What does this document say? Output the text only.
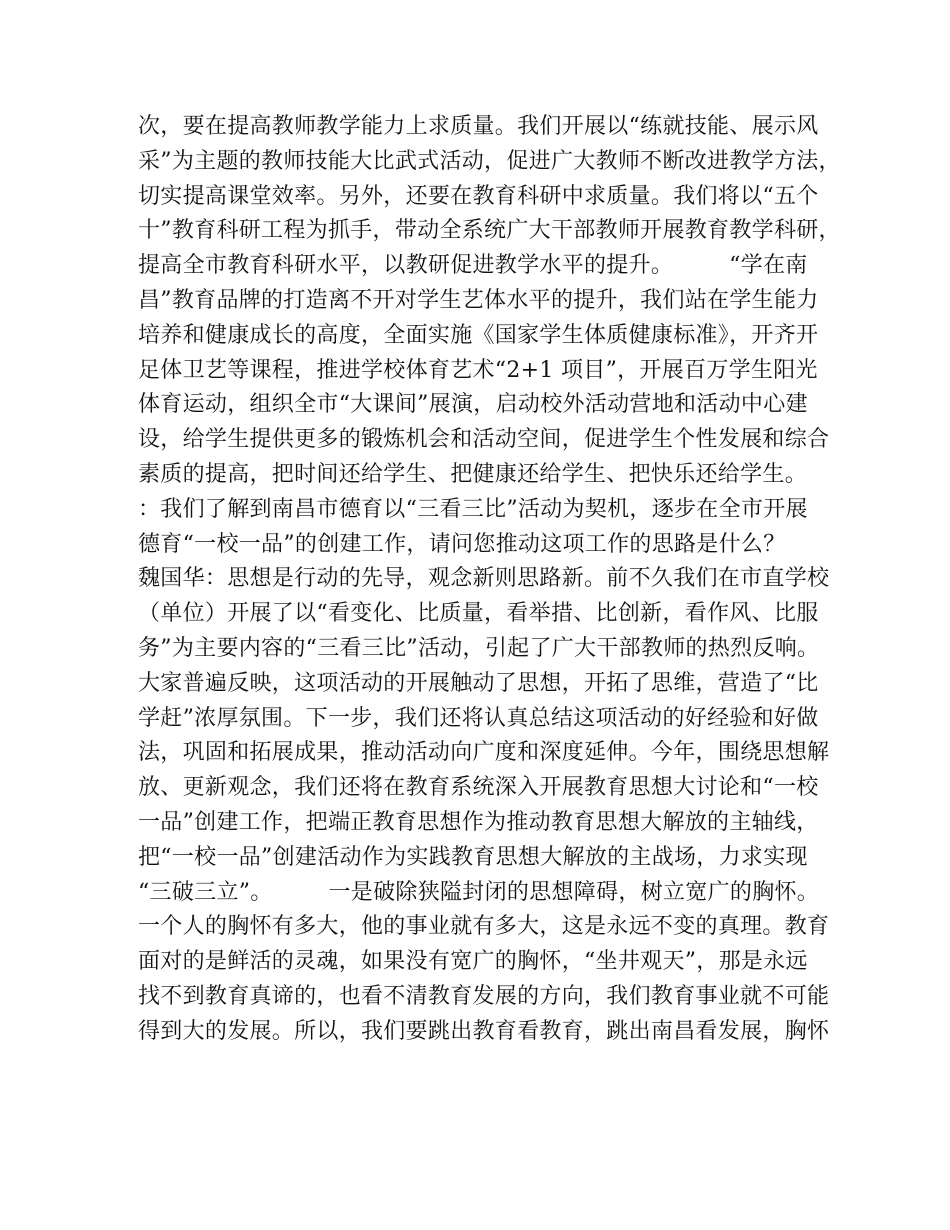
次，要在提高教师教学能力上求质量。我们开展以“练就技能、展示风
采”为主题的教师技能大比武式活动，促进广大教师不断改进教学方法，
切实提高课堂效率。另外，还要在教育科研中求质量。我们将以“五个
十”教育科研工程为抓手，带动全系统广大干部教师开展教育教学科研，
提高全市教育科研水平，以教研促进教学水平的提升。　　　“学在南
昌”教育品牌的打造离不开对学生艺体水平的提升，我们站在学生能力
培养和健康成长的高度，全面实施《国家学生体质健康标准》，开齐开
足体卫艺等课程，推进学校体育艺术“2+1 项目”，开展百万学生阳光
体育运动，组织全市“大课间”展演，启动校外活动营地和活动中心建
设，给学生提供更多的锻炼机会和活动空间，促进学生个性发展和综合
素质的提高，把时间还给学生、把健康还给学生、把快乐还给学生。
：我们了解到南昌市德育以“三看三比”活动为契机，逐步在全市开展
德育“一校一品”的创建工作，请问您推动这项工作的思路是什么？
魏国华：思想是行动的先导，观念新则思路新。前不久我们在市直学校
（单位）开展了以“看变化、比质量，看举措、比创新，看作风、比服
务”为主要内容的“三看三比”活动，引起了广大干部教师的热烈反响。
大家普遍反映，这项活动的开展触动了思想，开拓了思维，营造了“比
学赶”浓厚氛围。下一步，我们还将认真总结这项活动的好经验和好做
法，巩固和拓展成果，推动活动向广度和深度延伸。今年，围绕思想解
放、更新观念，我们还将在教育系统深入开展教育思想大讨论和“一校
一品”创建工作，把端正教育思想作为推动教育思想大解放的主轴线，
把“一校一品”创建活动作为实践教育思想大解放的主战场，力求实现
“三破三立”。　　　一是破除狭隘封闭的思想障碍，树立宽广的胸怀。
一个人的胸怀有多大，他的事业就有多大，这是永远不变的真理。教育
面对的是鲜活的灵魂，如果没有宽广的胸怀，“坐井观天”，那是永远
找不到教育真谛的，也看不清教育发展的方向，我们教育事业就不可能
得到大的发展。所以，我们要跳出教育看教育，跳出南昌看发展，胸怀
